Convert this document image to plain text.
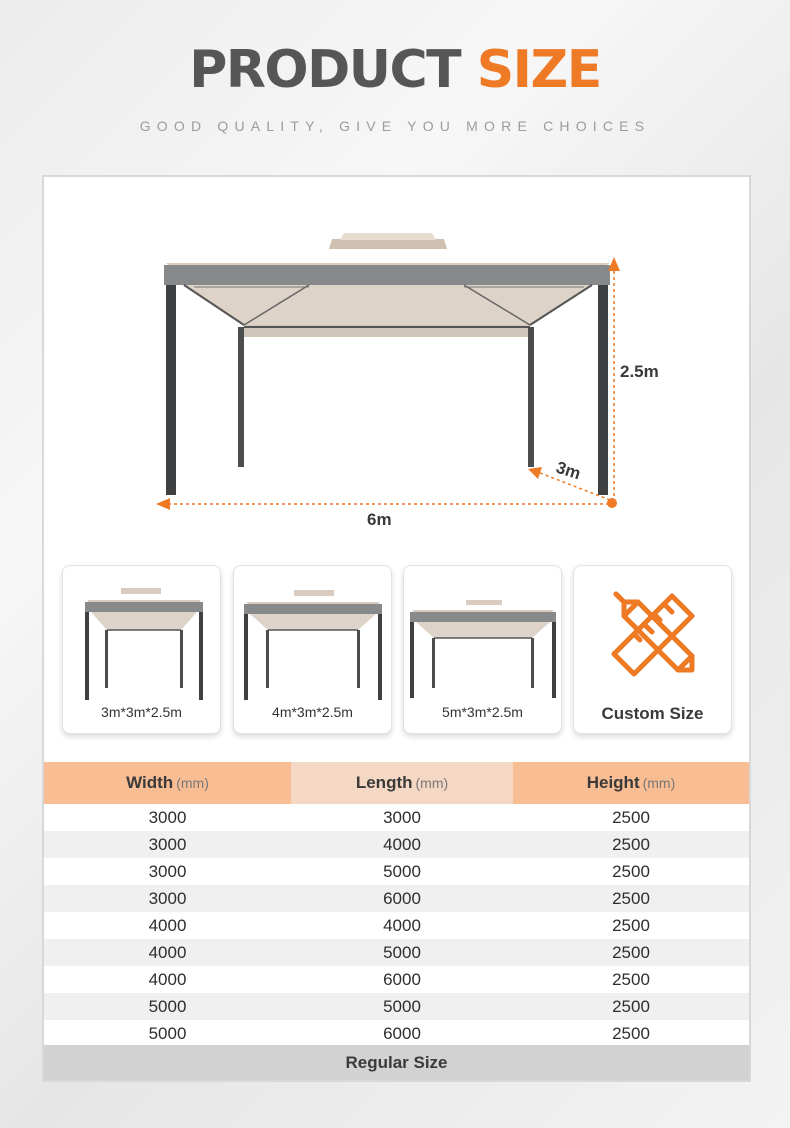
PRODUCT SIZE
GOOD QUALITY, GIVE YOU MORE CHOICES
2.5m
3m
6m
3m*3m*2.5m	4m*3m*2.5m	5m*3m*2.5m	Custom Size
Width (mm)	Length (mm)	Height (mm)
3000	3000	2500
3000	4000	2500
3000	5000	2500
3000	6000	2500
4000	4000	2500
4000	5000	2500
4000	6000	2500
5000	5000	2500
5000	6000	2500
Regular Size
